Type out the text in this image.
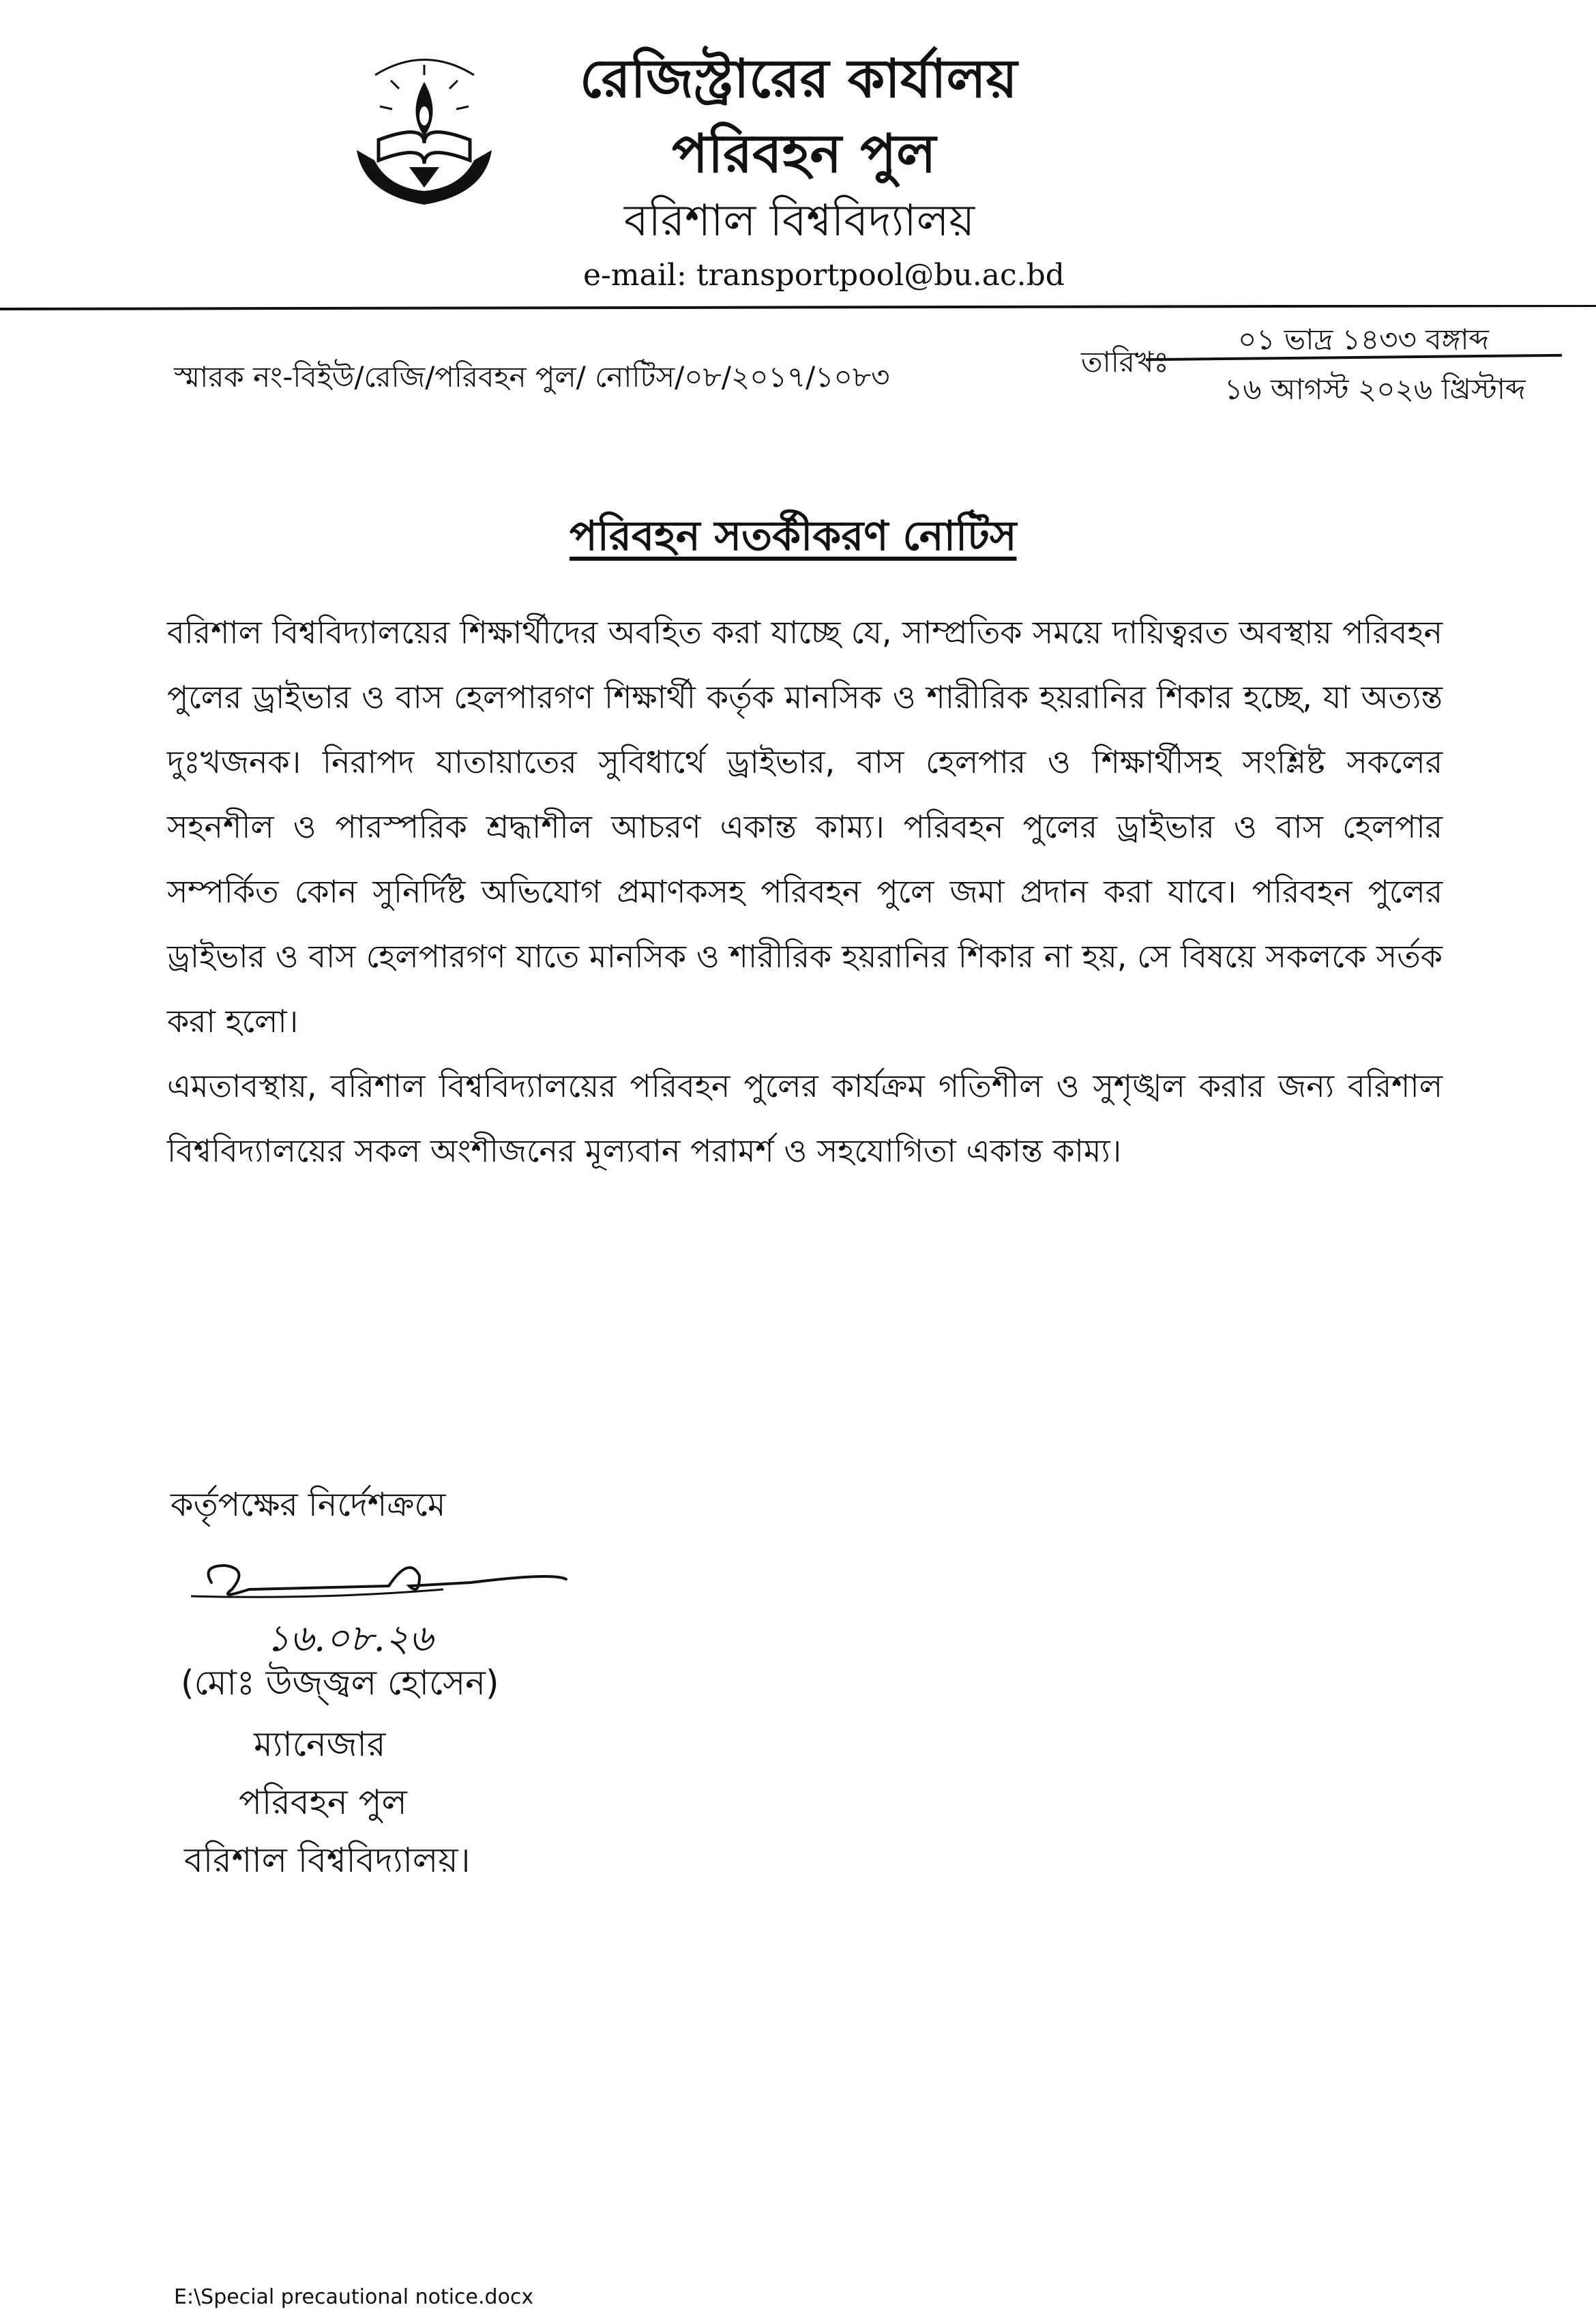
রেজিস্ট্রারের কার্যালয়
পরিবহন পুল
বরিশাল বিশ্ববিদ্যালয়
e-mail: transportpool@bu.ac.bd
স্মারক নং-বিইউ/রেজি/পরিবহন পুল/ নোটিস/০৮/২০১৭/১০৮৩	তারিখঃ
০১ ভাদ্র ১৪৩৩ বঙ্গাব্দ
১৬ আগস্ট ২০২৬ খ্রিস্টাব্দ
পরিবহন সতর্কীকরণ নোটিস
বরিশাল বিশ্ববিদ্যালয়ের শিক্ষার্থীদের অবহিত করা যাচ্ছে যে, সাম্প্রতিক সময়ে দায়িত্বরত অবস্থায় পরিবহন পুলের ড্রাইভার ও বাস হেলপারগণ শিক্ষার্থী কর্তৃক মানসিক ও শারীরিক হয়রানির শিকার হচ্ছে, যা অত্যন্ত দুঃখজনক। নিরাপদ যাতায়াতের সুবিধার্থে ড্রাইভার, বাস হেলপার ও শিক্ষার্থীসহ সংশ্লিষ্ট সকলের সহনশীল ও পারস্পরিক শ্রদ্ধাশীল আচরণ একান্ত কাম্য। পরিবহন পুলের ড্রাইভার ও বাস হেলপার সম্পর্কিত কোন সুনির্দিষ্ট অভিযোগ প্রমাণকসহ পরিবহন পুলে জমা প্রদান করা যাবে। পরিবহন পুলের ড্রাইভার ও বাস হেলপারগণ যাতে মানসিক ও শারীরিক হয়রানির শিকার না হয়, সে বিষয়ে সকলকে সর্তক করা হলো।
এমতাবস্থায়, বরিশাল বিশ্ববিদ্যালয়ের পরিবহন পুলের কার্যক্রম গতিশীল ও সুশৃঙ্খল করার জন্য বরিশাল বিশ্ববিদ্যালয়ের সকল অংশীজনের মূল্যবান পরামর্শ ও সহযোগিতা একান্ত কাম্য।
কর্তৃপক্ষের নির্দেশক্রমে
১৬.০৮.২৬
(মোঃ উজ্জ্বল হোসেন)
ম্যানেজার
পরিবহন পুল
বরিশাল বিশ্ববিদ্যালয়।
E:\Special precautional notice.docx
